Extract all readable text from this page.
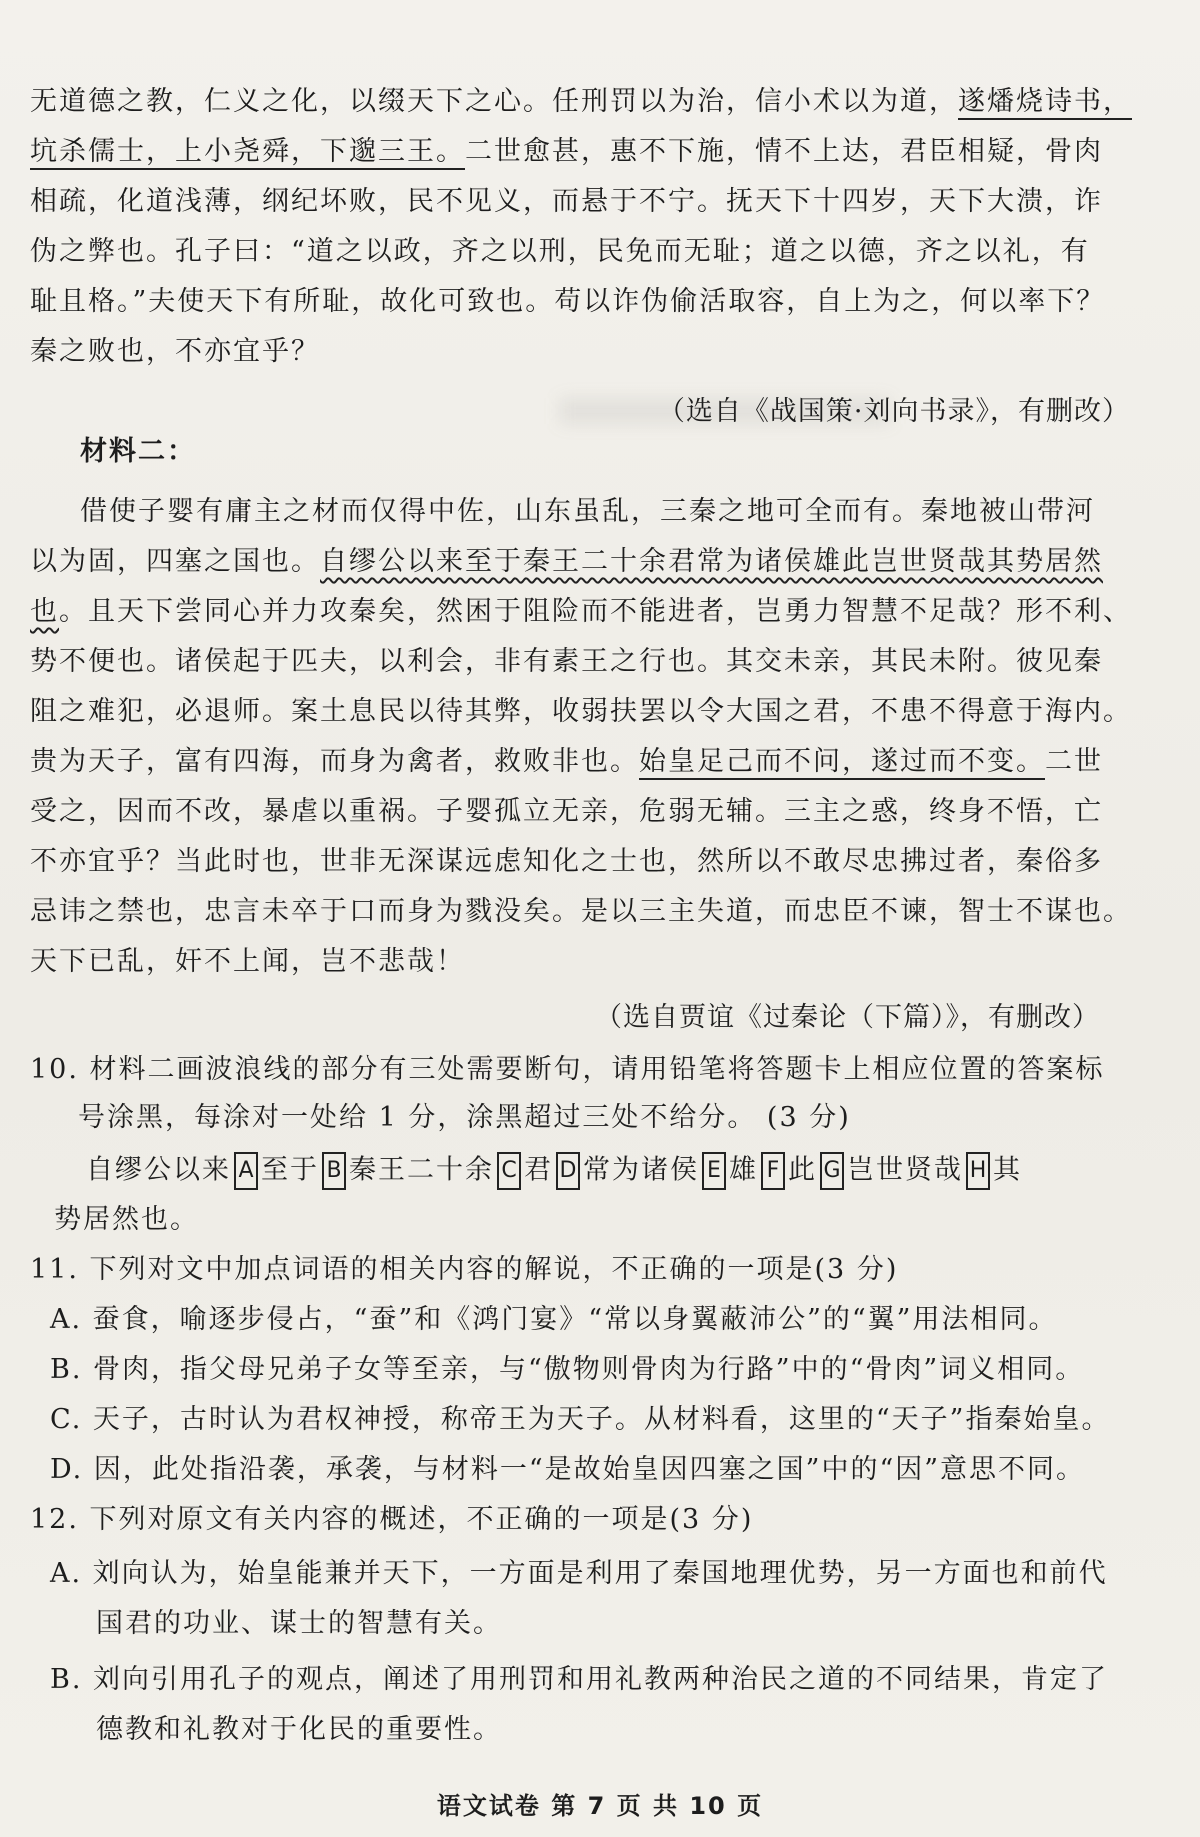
无道德之教，仁义之化，以缀天下之心。任刑罚以为治，信小术以为道，遂燔烧诗书，
坑杀儒士，上小尧舜，下邈三王。二世愈甚，惠不下施，情不上达，君臣相疑，骨肉
相疏，化道浅薄，纲纪坏败，民不见义，而悬于不宁。抚天下十四岁，天下大溃，诈
伪之弊也。孔子曰：“道之以政，齐之以刑，民免而无耻；道之以德，齐之以礼，有
耻且格。”夫使天下有所耻，故化可致也。苟以诈伪偷活取容，自上为之，何以率下？
秦之败也，不亦宜乎？
（选自《战国策·刘向书录》，有删改）
材料二：
借使子婴有庸主之材而仅得中佐，山东虽乱，三秦之地可全而有。秦地被山带河
以为固，四塞之国也。自缪公以来至于秦王二十余君常为诸侯雄此岂世贤哉其势居然
也。且天下尝同心并力攻秦矣，然困于阻险而不能进者，岂勇力智慧不足哉？形不利、
势不便也。诸侯起于匹夫，以利会，非有素王之行也。其交未亲，其民未附。彼见秦
阻之难犯，必退师。案土息民以待其弊，收弱扶罢以令大国之君，不患不得意于海内。
贵为天子，富有四海，而身为禽者，救败非也。始皇足己而不问，遂过而不变。二世
受之，因而不改，暴虐以重祸。子婴孤立无亲，危弱无辅。三主之惑，终身不悟，亡
不亦宜乎？当此时也，世非无深谋远虑知化之士也，然所以不敢尽忠拂过者，秦俗多
忌讳之禁也，忠言未卒于口而身为戮没矣。是以三主失道，而忠臣不谏，智士不谋也。
天下已乱，奸不上闻，岂不悲哉！
（选自贾谊《过秦论（下篇）》，有删改）
10. 材料二画波浪线的部分有三处需要断句，请用铅笔将答题卡上相应位置的答案标
号涂黑，每涂对一处给 1 分，涂黑超过三处不给分。 (3 分)
自缪公以来 A 至于 B 秦王二十余 C 君 D 常为诸侯 E 雄 F 此 G 岂世贤哉 H 其
势居然也。
11. 下列对文中加点词语的相关内容的解说，不正确的一项是(3 分)
A. 蚕食，喻逐步侵占，“蚕”和《鸿门宴》“常以身翼蔽沛公”的“翼”用法相同。
B. 骨肉，指父母兄弟子女等至亲，与“傲物则骨肉为行路”中的“骨肉”词义相同。
C. 天子，古时认为君权神授，称帝王为天子。从材料看，这里的“天子”指秦始皇。
D. 因，此处指沿袭，承袭，与材料一“是故始皇因四塞之国”中的“因”意思不同。
12. 下列对原文有关内容的概述，不正确的一项是(3 分)
A. 刘向认为，始皇能兼并天下，一方面是利用了秦国地理优势，另一方面也和前代
国君的功业、谋士的智慧有关。
B. 刘向引用孔子的观点，阐述了用刑罚和用礼教两种治民之道的不同结果，肯定了
德教和礼教对于化民的重要性。
语文试卷 第 7 页 共 10 页
